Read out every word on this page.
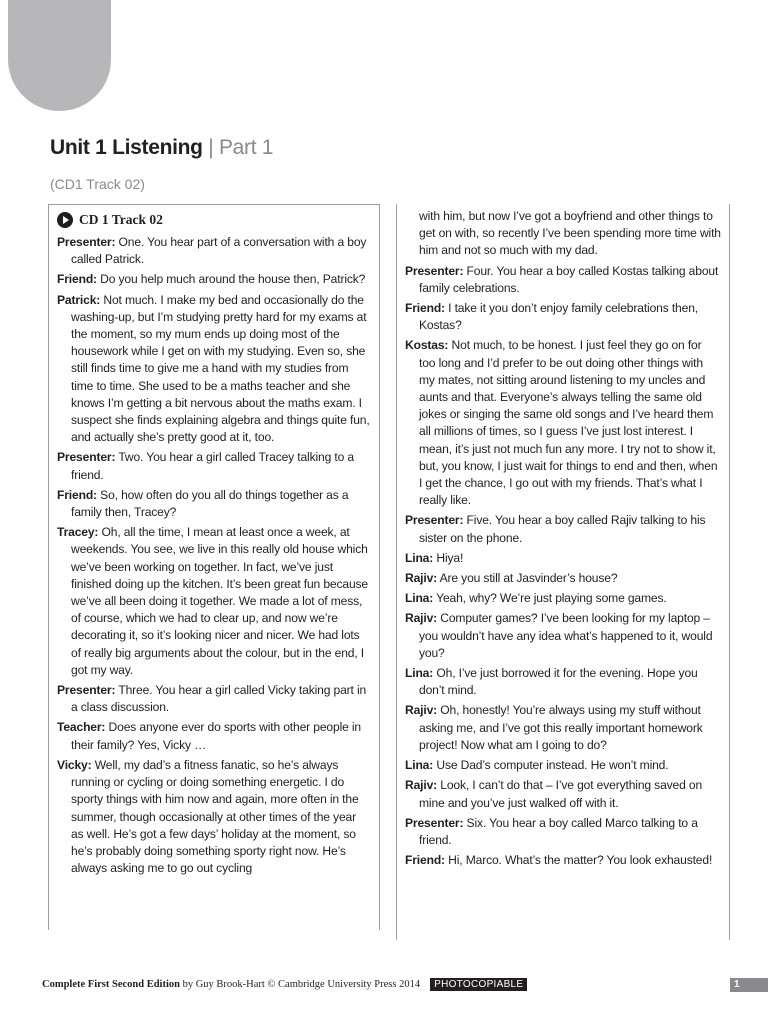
Unit 1 Listening | Part 1
(CD1 Track 02)
CD 1 Track 02
Presenter: One. You hear part of a conversation with a boy called Patrick.
Friend: Do you help much around the house then, Patrick?
Patrick: Not much. I make my bed and occasionally do the washing-up, but I’m studying pretty hard for my exams at the moment, so my mum ends up doing most of the housework while I get on with my studying. Even so, she still finds time to give me a hand with my studies from time to time. She used to be a maths teacher and she knows I’m getting a bit nervous about the maths exam. I suspect she finds explaining algebra and things quite fun, and actually she’s pretty good at it, too.
Presenter: Two. You hear a girl called Tracey talking to a friend.
Friend: So, how often do you all do things together as a family then, Tracey?
Tracey: Oh, all the time, I mean at least once a week, at weekends. You see, we live in this really old house which we’ve been working on together. In fact, we’ve just finished doing up the kitchen. It’s been great fun because we’ve all been doing it together. We made a lot of mess, of course, which we had to clear up, and now we’re decorating it, so it’s looking nicer and nicer. We had lots of really big arguments about the colour, but in the end, I got my way.
Presenter: Three. You hear a girl called Vicky taking part in a class discussion.
Teacher: Does anyone ever do sports with other people in their family? Yes, Vicky …
Vicky: Well, my dad’s a fitness fanatic, so he’s always running or cycling or doing something energetic. I do sporty things with him now and again, more often in the summer, though occasionally at other times of the year as well. He’s got a few days’ holiday at the moment, so he’s probably doing something sporty right now. He’s always asking me to go out cycling
with him, but now I’ve got a boyfriend and other things to get on with, so recently I’ve been spending more time with him and not so much with my dad.
Presenter: Four. You hear a boy called Kostas talking about family celebrations.
Friend: I take it you don’t enjoy family celebrations then, Kostas?
Kostas: Not much, to be honest. I just feel they go on for too long and I’d prefer to be out doing other things with my mates, not sitting around listening to my uncles and aunts and that. Everyone’s always telling the same old jokes or singing the same old songs and I’ve heard them all millions of times, so I guess I’ve just lost interest. I mean, it’s just not much fun any more. I try not to show it, but, you know, I just wait for things to end and then, when I get the chance, I go out with my friends. That’s what I really like.
Presenter: Five. You hear a boy called Rajiv talking to his sister on the phone.
Lina: Hiya!
Rajiv: Are you still at Jasvinder’s house?
Lina: Yeah, why? We’re just playing some games.
Rajiv: Computer games? I’ve been looking for my laptop – you wouldn’t have any idea what’s happened to it, would you?
Lina: Oh, I’ve just borrowed it for the evening. Hope you don’t mind.
Rajiv: Oh, honestly! You’re always using my stuff without asking me, and I’ve got this really important homework project! Now what am I going to do?
Lina: Use Dad’s computer instead. He won’t mind.
Rajiv: Look, I can’t do that – I’ve got everything saved on mine and you’ve just walked off with it.
Presenter: Six. You hear a boy called Marco talking to a friend.
Friend: Hi, Marco. What’s the matter? You look exhausted!
Complete First Second Edition by Guy Brook-Hart © Cambridge University Press 2014	PHOTOCOPIABLE	1
